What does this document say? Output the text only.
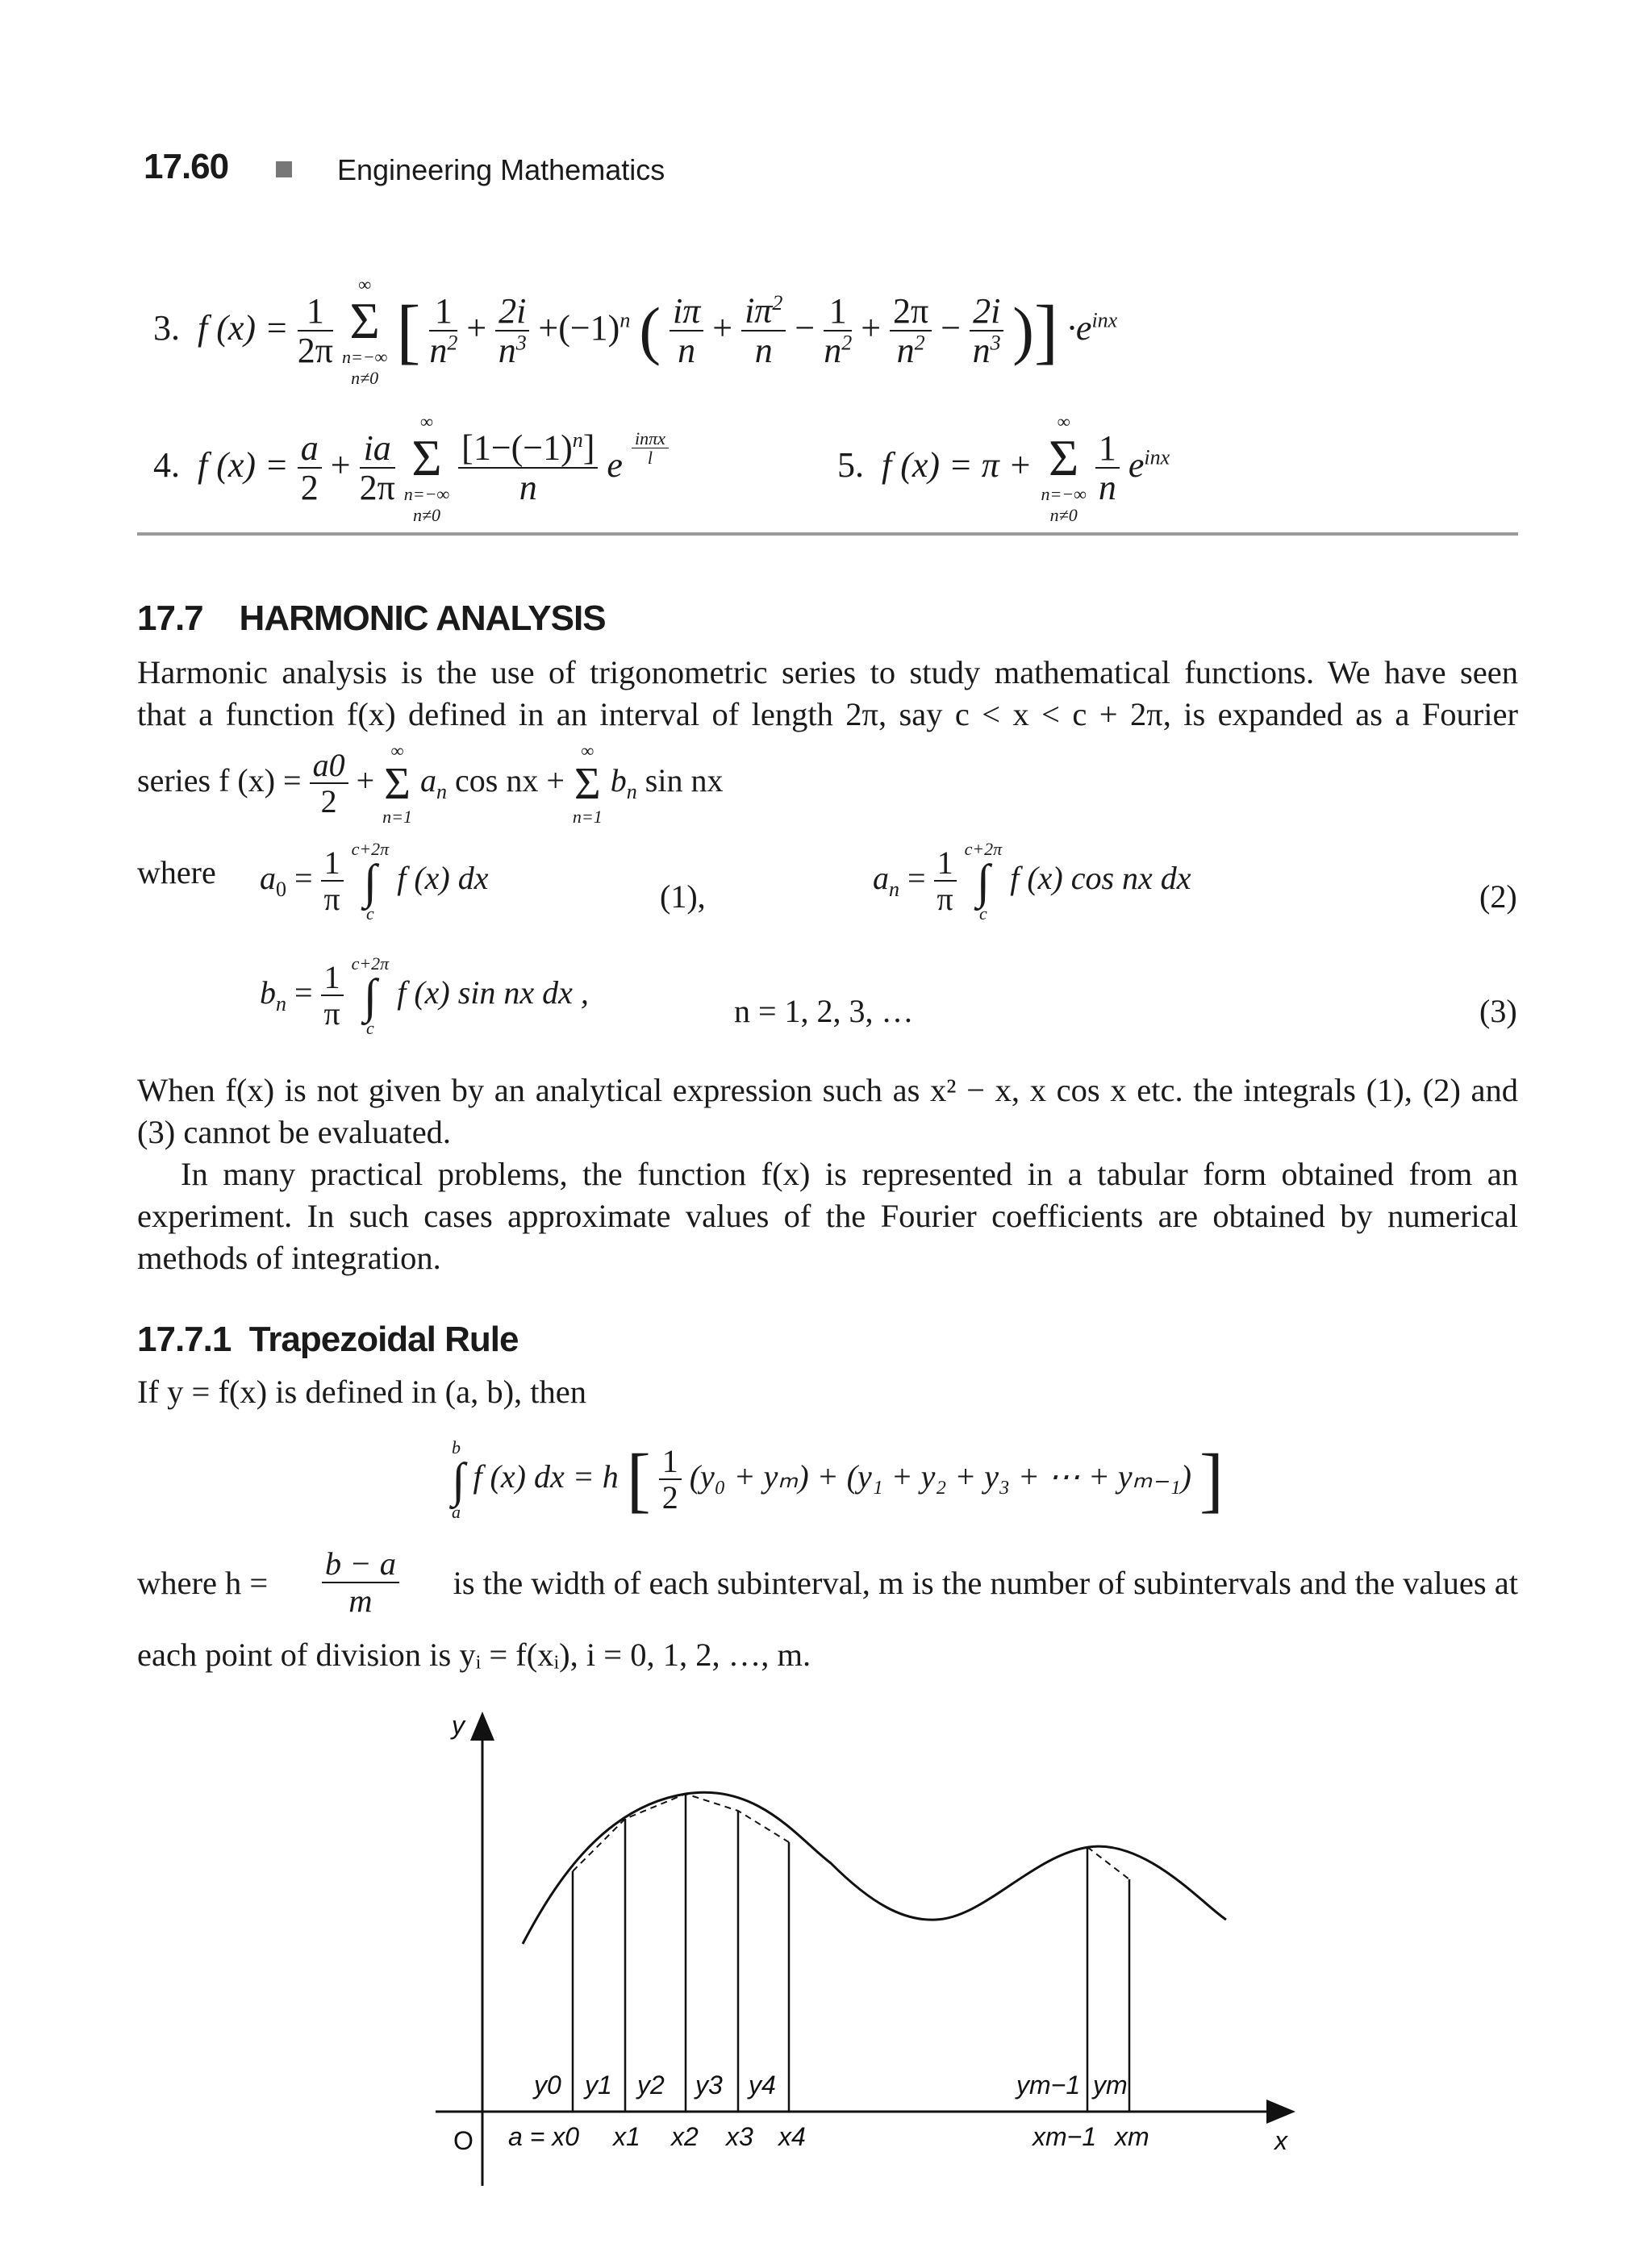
17.60	Engineering Mathematics
3. f $(x) = \frac{1}{2\pi}$

∞
Σ
n=−∞
n≠0
[ $\frac{1}{n^2} + \frac{2i}{n^3} +(-1)^n$ ( $\frac{i\pi}{n} + \frac{i\pi^2}{n} - \frac{1}{n^2} + \frac{2\pi}{n^2} - \frac{2i}{n^3}$ )] $\cdot e^{inx}$
4. f $(x) = \frac{a}{2} + \frac{ia}{2\pi}$

∞
Σ
n=−∞
n≠0

$\frac{[1-(-1)^n]}{n}$ e $\frac{\text{inπx}}{l}$	5. f (x) = π +
∞
Σ
n=−∞
n≠0

$\frac{1}{n} e^{inx}$
17.7 HARMONIC ANALYSIS
Harmonic analysis is the use of trigonometric series to study mathematical functions. We have seen
that a function f(x) defined in an interval of length 2π, say c < x < c + 2π, is expanded as a Fourier
series f $(x) = \frac{a0}{2}$ +
∞
Σ
n=1
$a_n$ cos nx +
∞
Σ
n=1
$b_n$ sin nx
where $a_0 = \frac{1}{\pi}$
c+2π
∫
c
f (x) dx
(1),
$a_n = \frac{1}{\pi}$
c+2π
∫
c
f (x) cos nx dx
(2)
$b_n = \frac{1}{\pi}$
c+2π
∫
c
f (x) sin nx dx ,
n = 1, 2, 3, …	(3)
When f(x) is not given by an analytical expression such as x² − x, x cos x etc. the integrals (1), (2) and
(3) cannot be evaluated.
In many practical problems, the function f(x) is represented in a tabular form obtained from an
experiment. In such cases approximate values of the Fourier coefficients are obtained by numerical
methods of integration.
17.7.1 Trapezoidal Rule
If y = f(x) is defined in (a, b), then
b
∫
a
f (x) dx = h [ $\frac{1}{2} (y_0 + y_m) + (y_1 + y_2 + y_3$ + ⋯ + yₘ₋₁) ]
where $h = \frac{b - a}{m}$ is the width of each subinterval, m is the number of subintervals and the values at
each point of division is yᵢ = f(xᵢ), i = 0, 1, 2, …, m.
y
x
O
y0 y1 y2 y3 y4	ym−1 ym
a = x0 x1 x2 x3 x4	xm−1 xm
